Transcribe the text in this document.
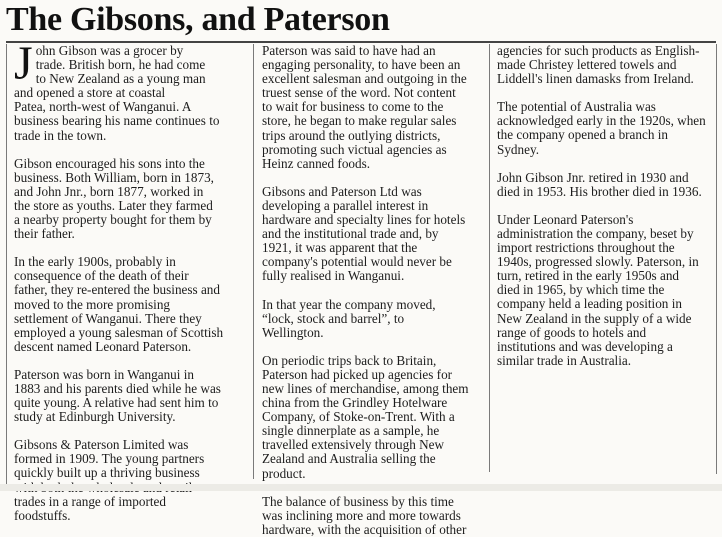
The Gibsons, and Paterson

J ohn Gibson was a grocer by
trade. British born, he had come
to New Zealand as a young man
and opened a store at coastal
Patea, north-west of Wanganui. A
business bearing his name continues to
trade in the town.

Gibson encouraged his sons into the
business. Both William, born in 1873,
and John Jnr., born 1877, worked in
the store as youths. Later they farmed
a nearby property bought for them by
their father.

In the early 1900s, probably in
consequence of the death of their
father, they re-entered the business and
moved to the more promising
settlement of Wanganui. There they
employed a young salesman of Scottish
descent named Leonard Paterson.

Paterson was born in Wanganui in
1883 and his parents died while he was
quite young. A relative had sent him to
study at Edinburgh University.

Gibsons & Paterson Limited was
formed in 1909. The young partners
quickly built up a thriving business
trades in a range of imported
foodstuffs.

Paterson was said to have had an
engaging personality, to have been an
excellent salesman and outgoing in the
truest sense of the word. Not content
to wait for business to come to the
store, he began to make regular sales
trips around the outlying districts,
promoting such victual agencies as
Heinz canned foods.

Gibsons and Paterson Ltd was
developing a parallel interest in
hardware and specialty lines for hotels
and the institutional trade and, by
1921, it was apparent that the
company's potential would never be
fully realised in Wanganui.

In that year the company moved,
“lock, stock and barrel”, to
Wellington.

On periodic trips back to Britain,
Paterson had picked up agencies for
new lines of merchandise, among them
china from the Grindley Hotelware
Company, of Stoke-on-Trent. With a
single dinnerplate as a sample, he
travelled extensively through New
Zealand and Australia selling the
product.

The balance of business by this time
was inclining more and more towards
hardware, with the acquisition of other

agencies for such products as English-
made Christey lettered towels and
Liddell's linen damasks from Ireland.

The potential of Australia was
acknowledged early in the 1920s, when
the company opened a branch in
Sydney.

John Gibson Jnr. retired in 1930 and
died in 1953. His brother died in 1936.

Under Leonard Paterson's
administration the company, beset by
import restrictions throughout the
1940s, progressed slowly. Paterson, in
turn, retired in the early 1950s and
died in 1965, by which time the
company held a leading position in
New Zealand in the supply of a wide
range of goods to hotels and
institutions and was developing a
similar trade in Australia.
